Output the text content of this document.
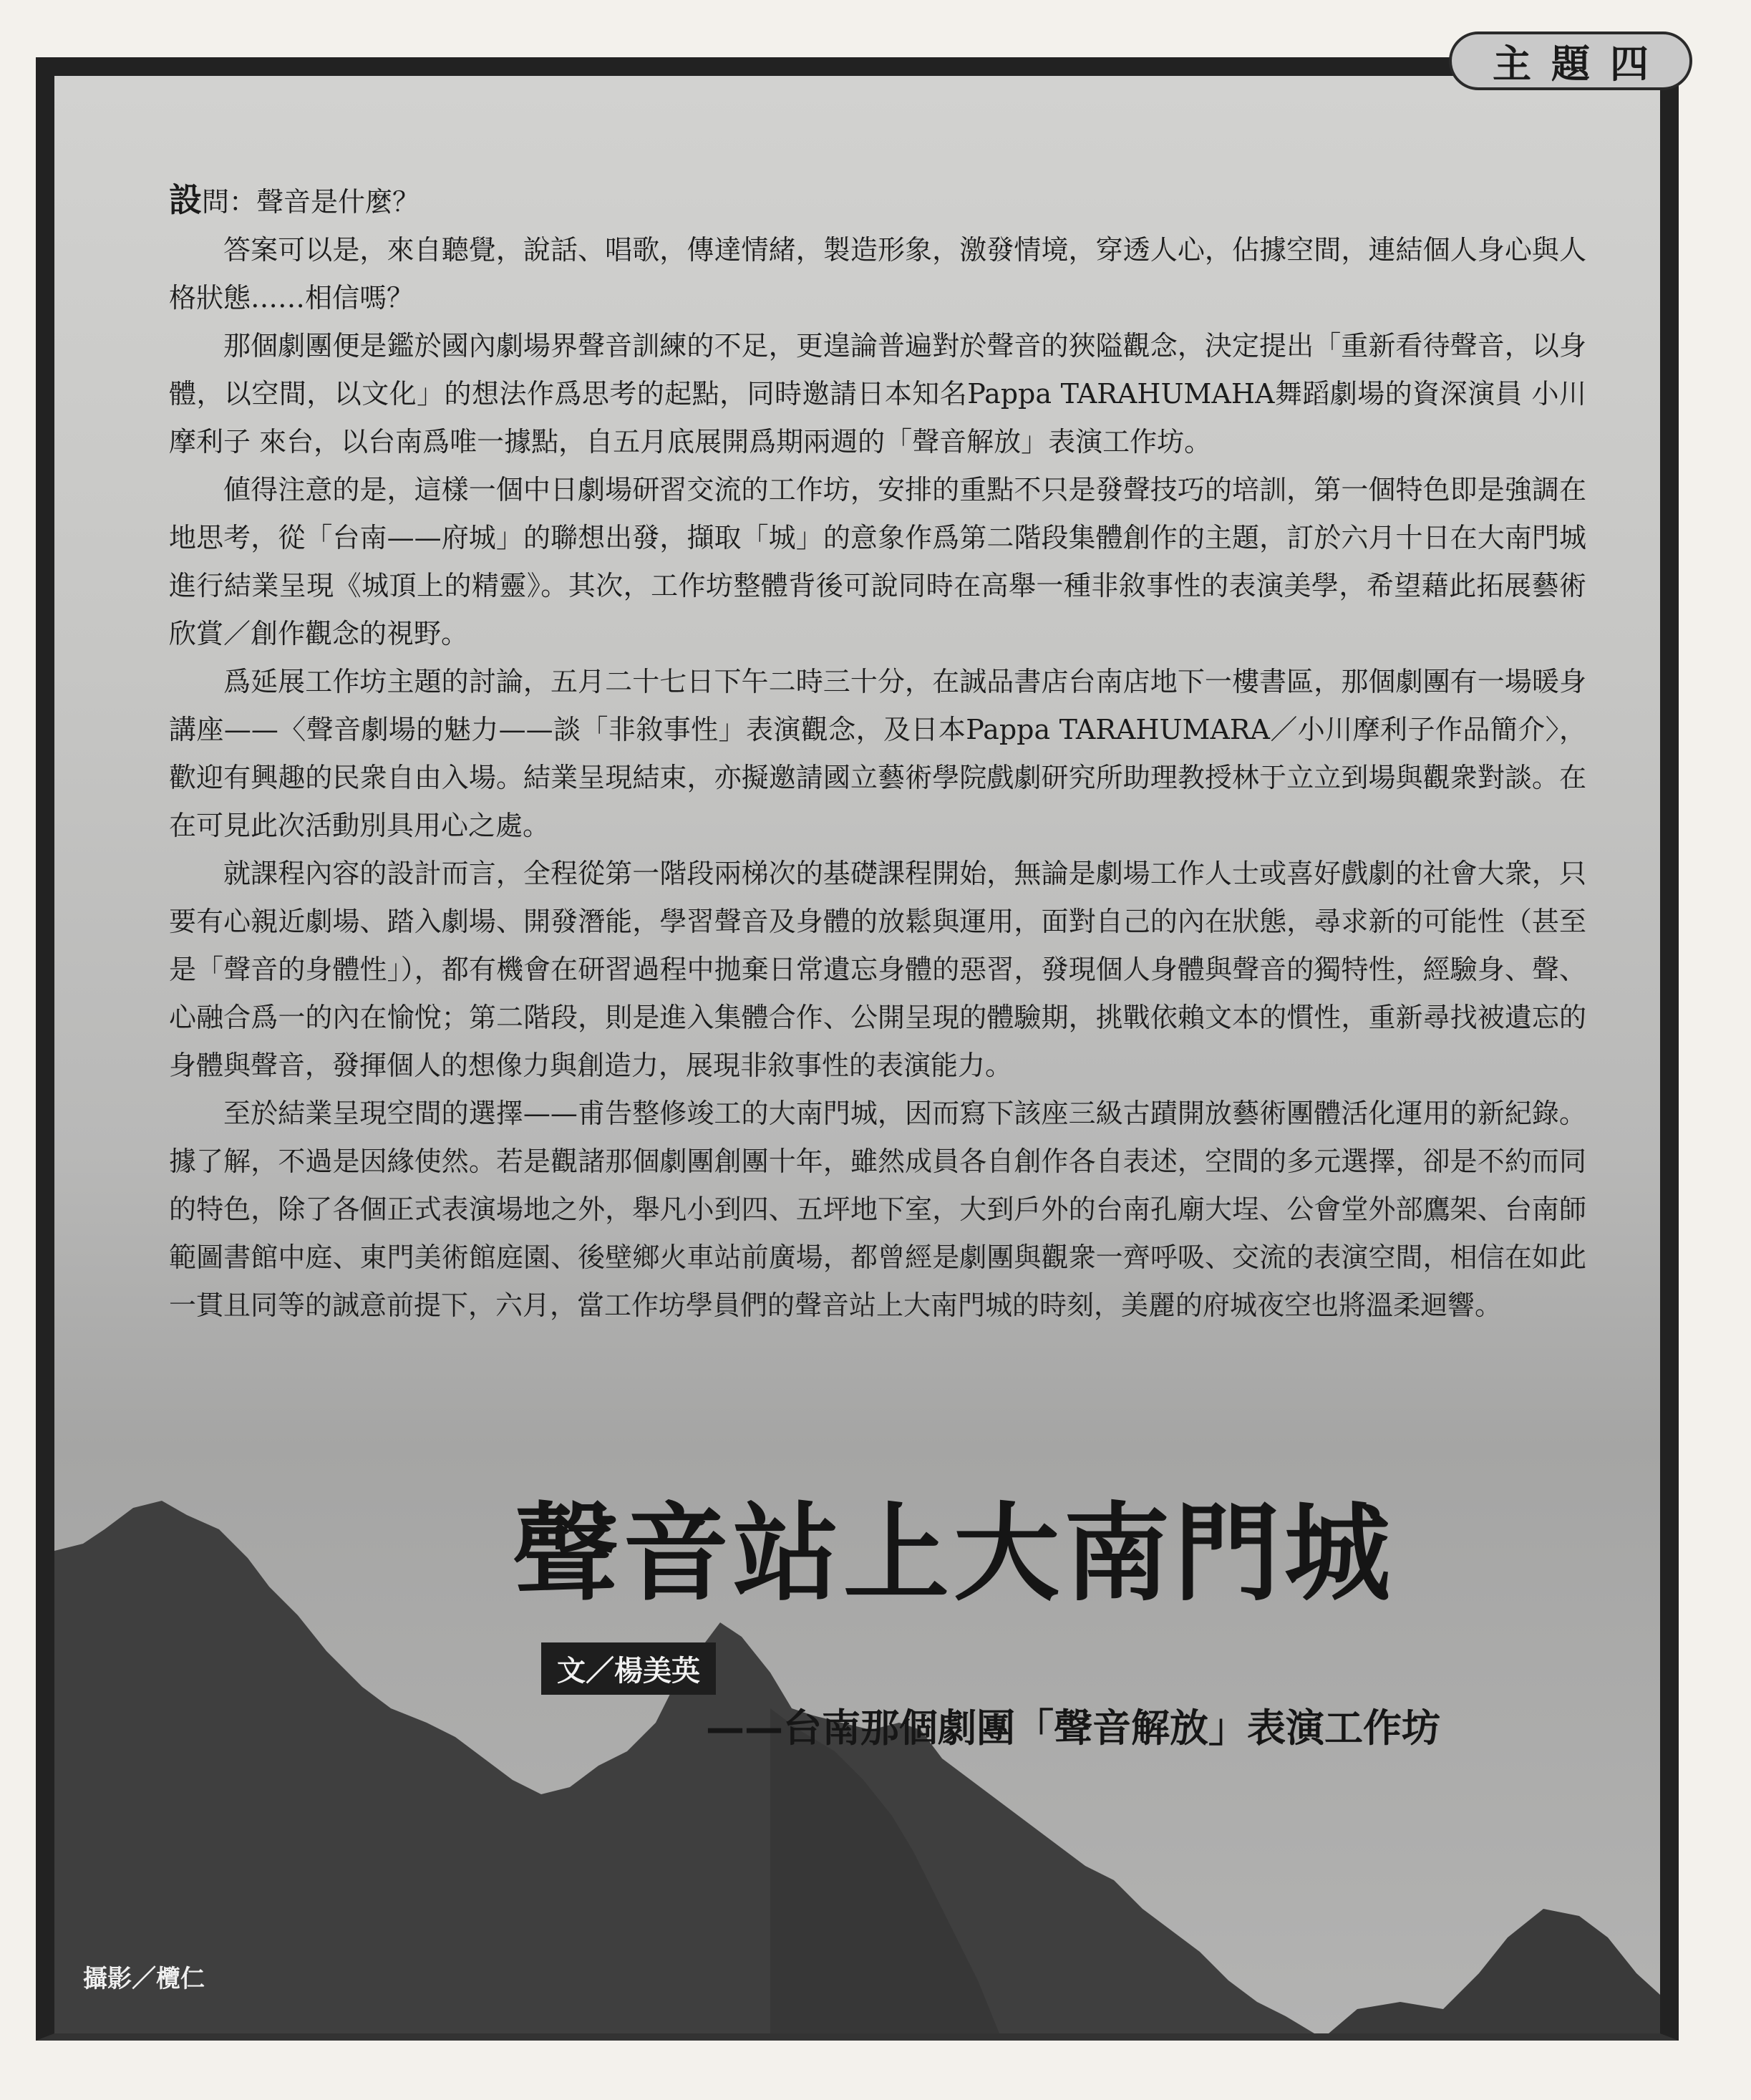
主題四

設問：聲音是什麼？

答案可以是，來自聽覺，說話、唱歌，傳達情緒，製造形象，激發情境，穿透人心，佔據空間，連結個人身心與人格狀態……相信嗎？

那個劇團便是鑑於國內劇場界聲音訓練的不足，更遑論普遍對於聲音的狹隘觀念，決定提出「重新看待聲音，以身體，以空間，以文化」的想法作爲思考的起點，同時邀請日本知名Pappa TARAHUMAHA舞蹈劇場的資深演員 小川摩利子 來台，以台南爲唯一據點，自五月底展開爲期兩週的「聲音解放」表演工作坊。

値得注意的是，這樣一個中日劇場研習交流的工作坊，安排的重點不只是發聲技巧的培訓，第一個特色即是強調在地思考，從「台南——府城」的聯想出發，擷取「城」的意象作爲第二階段集體創作的主題，訂於六月十日在大南門城進行結業呈現《城頂上的精靈》。其次，工作坊整體背後可說同時在高舉一種非敘事性的表演美學，希望藉此拓展藝術欣賞／創作觀念的視野。

爲延展工作坊主題的討論，五月二十七日下午二時三十分，在誠品書店台南店地下一樓書區，那個劇團有一場暖身講座——〈聲音劇場的魅力——談「非敘事性」表演觀念，及日本Pappa TARAHUMARA／小川摩利子作品簡介〉，歡迎有興趣的民衆自由入場。結業呈現結束，亦擬邀請國立藝術學院戲劇研究所助理教授林于立立到場與觀衆對談。在在可見此次活動別具用心之處。

就課程內容的設計而言，全程從第一階段兩梯次的基礎課程開始，無論是劇場工作人士或喜好戲劇的社會大衆，只要有心親近劇場、踏入劇場、開發潛能，學習聲音及身體的放鬆與運用，面對自己的內在狀態，尋求新的可能性（甚至是「聲音的身體性」），都有機會在研習過程中拋棄日常遺忘身體的惡習，發現個人身體與聲音的獨特性，經驗身、聲、心融合爲一的內在愉悅；第二階段，則是進入集體合作、公開呈現的體驗期，挑戰依賴文本的慣性，重新尋找被遺忘的身體與聲音，發揮個人的想像力與創造力，展現非敘事性的表演能力。

至於結業呈現空間的選擇——甫告整修竣工的大南門城，因而寫下該座三級古蹟開放藝術團體活化運用的新紀錄。據了解，不過是因緣使然。若是觀諸那個劇團創團十年，雖然成員各自創作各自表述，空間的多元選擇，卻是不約而同的特色，除了各個正式表演場地之外，舉凡小到四、五坪地下室，大到戶外的台南孔廟大埕、公會堂外部鷹架、台南師範圖書館中庭、東門美術館庭園、後壁鄉火車站前廣場，都曾經是劇團與觀衆一齊呼吸、交流的表演空間，相信在如此一貫且同等的誠意前提下，六月，當工作坊學員們的聲音站上大南門城的時刻，美麗的府城夜空也將溫柔迴響。

聲音站上大南門城 文／楊美英
——台南那個劇團「聲音解放」表演工作坊
攝影／欖仁
